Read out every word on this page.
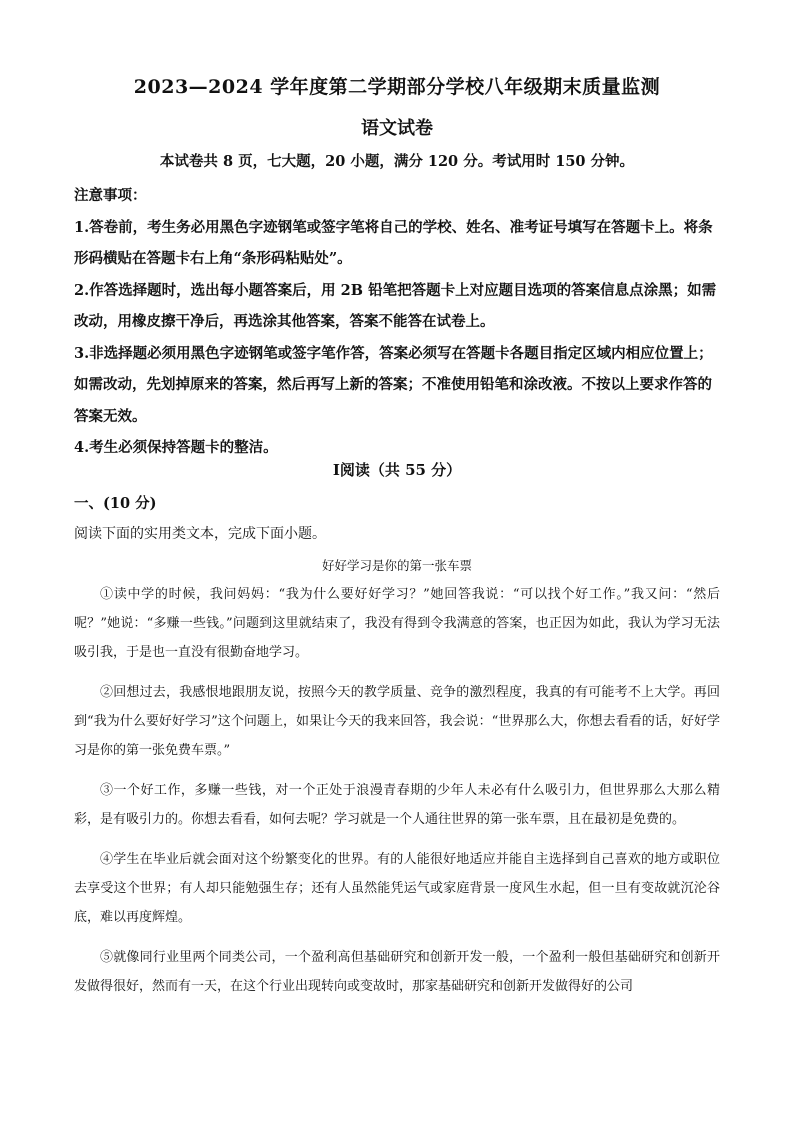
2023—2024 学年度第二学期部分学校八年级期末质量监测
语文试卷
本试卷共 8 页，七大题，20 小题，满分 120 分。考试用时 150 分钟。
注意事项：
1.答卷前，考生务必用黑色字迹钢笔或签字笔将自己的学校、姓名、准考证号填写在答题卡上。将条形码横贴在答题卡右上角“条形码粘贴处”。
2.作答选择题时，选出每小题答案后，用 2B 铅笔把答题卡上对应题目选项的答案信息点涂黑；如需改动，用橡皮擦干净后，再选涂其他答案，答案不能答在试卷上。
3.非选择题必须用黑色字迹钢笔或签字笔作答，答案必须写在答题卡各题目指定区域内相应位置上；如需改动，先划掉原来的答案，然后再写上新的答案；不准使用铅笔和涂改液。不按以上要求作答的答案无效。
4.考生必须保持答题卡的整洁。
Ⅰ阅读（共 55 分）
一、(10 分)
阅读下面的实用类文本，完成下面小题。
好好学习是你的第一张车票

①读中学的时候，我问妈妈：“我为什么要好好学习？”她回答我说：“可以找个好工作。”我又问：“然后呢？”她说：“多赚一些钱。”问题到这里就结束了，我没有得到令我满意的答案，也正因为如此，我认为学习无法吸引我，于是也一直没有很勤奋地学习。

②回想过去，我感恨地跟朋友说，按照今天的教学质量、竞争的激烈程度，我真的有可能考不上大学。再回到“我为什么要好好学习”这个问题上，如果让今天的我来回答，我会说：“世界那么大，你想去看看的话，好好学习是你的第一张免费车票。”

③一个好工作，多赚一些钱，对一个正处于浪漫青春期的少年人未必有什么吸引力，但世界那么大那么精彩，是有吸引力的。你想去看看，如何去呢？学习就是一个人通往世界的第一张车票，且在最初是免费的。

④学生在毕业后就会面对这个纷繁变化的世界。有的人能很好地适应并能自主选择到自己喜欢的地方或职位去享受这个世界；有人却只能勉强生存；还有人虽然能凭运气或家庭背景一度风生水起，但一旦有变故就沉沦谷底，难以再度辉煌。

⑤就像同行业里两个同类公司，一个盈利高但基础研究和创新开发一般，一个盈利一般但基础研究和创新开发做得很好，然而有一天，在这个行业出现转向或变故时，那家基础研究和创新开发做得好的公司
